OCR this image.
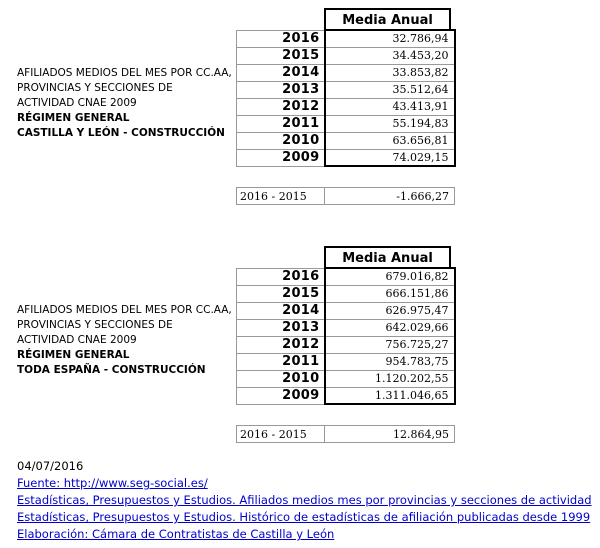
AFILIADOS MEDIOS DEL MES POR CC.AA,
PROVINCIAS Y SECCIONES DE
ACTIVIDAD CNAE 2009
RÉGIMEN GENERAL
CASTILLA Y LEÓN - CONSTRUCCIÓN
Media Anual
2016	32.786,94
2015	34.453,20
2014	33.853,82
2013	35.512,64
2012	43.413,91
2011	55.194,83
2010	63.656,81
2009	74.029,15
2016 - 2015	-1.666,27
AFILIADOS MEDIOS DEL MES POR CC.AA,
PROVINCIAS Y SECCIONES DE
ACTIVIDAD CNAE 2009
RÉGIMEN GENERAL
TODA ESPAÑA - CONSTRUCCIÓN
Media Anual
2016	679.016,82
2015	666.151,86
2014	626.975,47
2013	642.029,66
2012	756.725,27
2011	954.783,75
2010	1.120.202,55
2009	1.311.046,65
2016 - 2015	12.864,95
04/07/2016
Fuente: http://www.seg-social.es/
Estadísticas, Presupuestos y Estudios. Afiliados medios mes por provincias y secciones de actividad
Estadísticas, Presupuestos y Estudios. Histórico de estadísticas de afiliación publicadas desde 1999
Elaboración: Cámara de Contratistas de Castilla y León
